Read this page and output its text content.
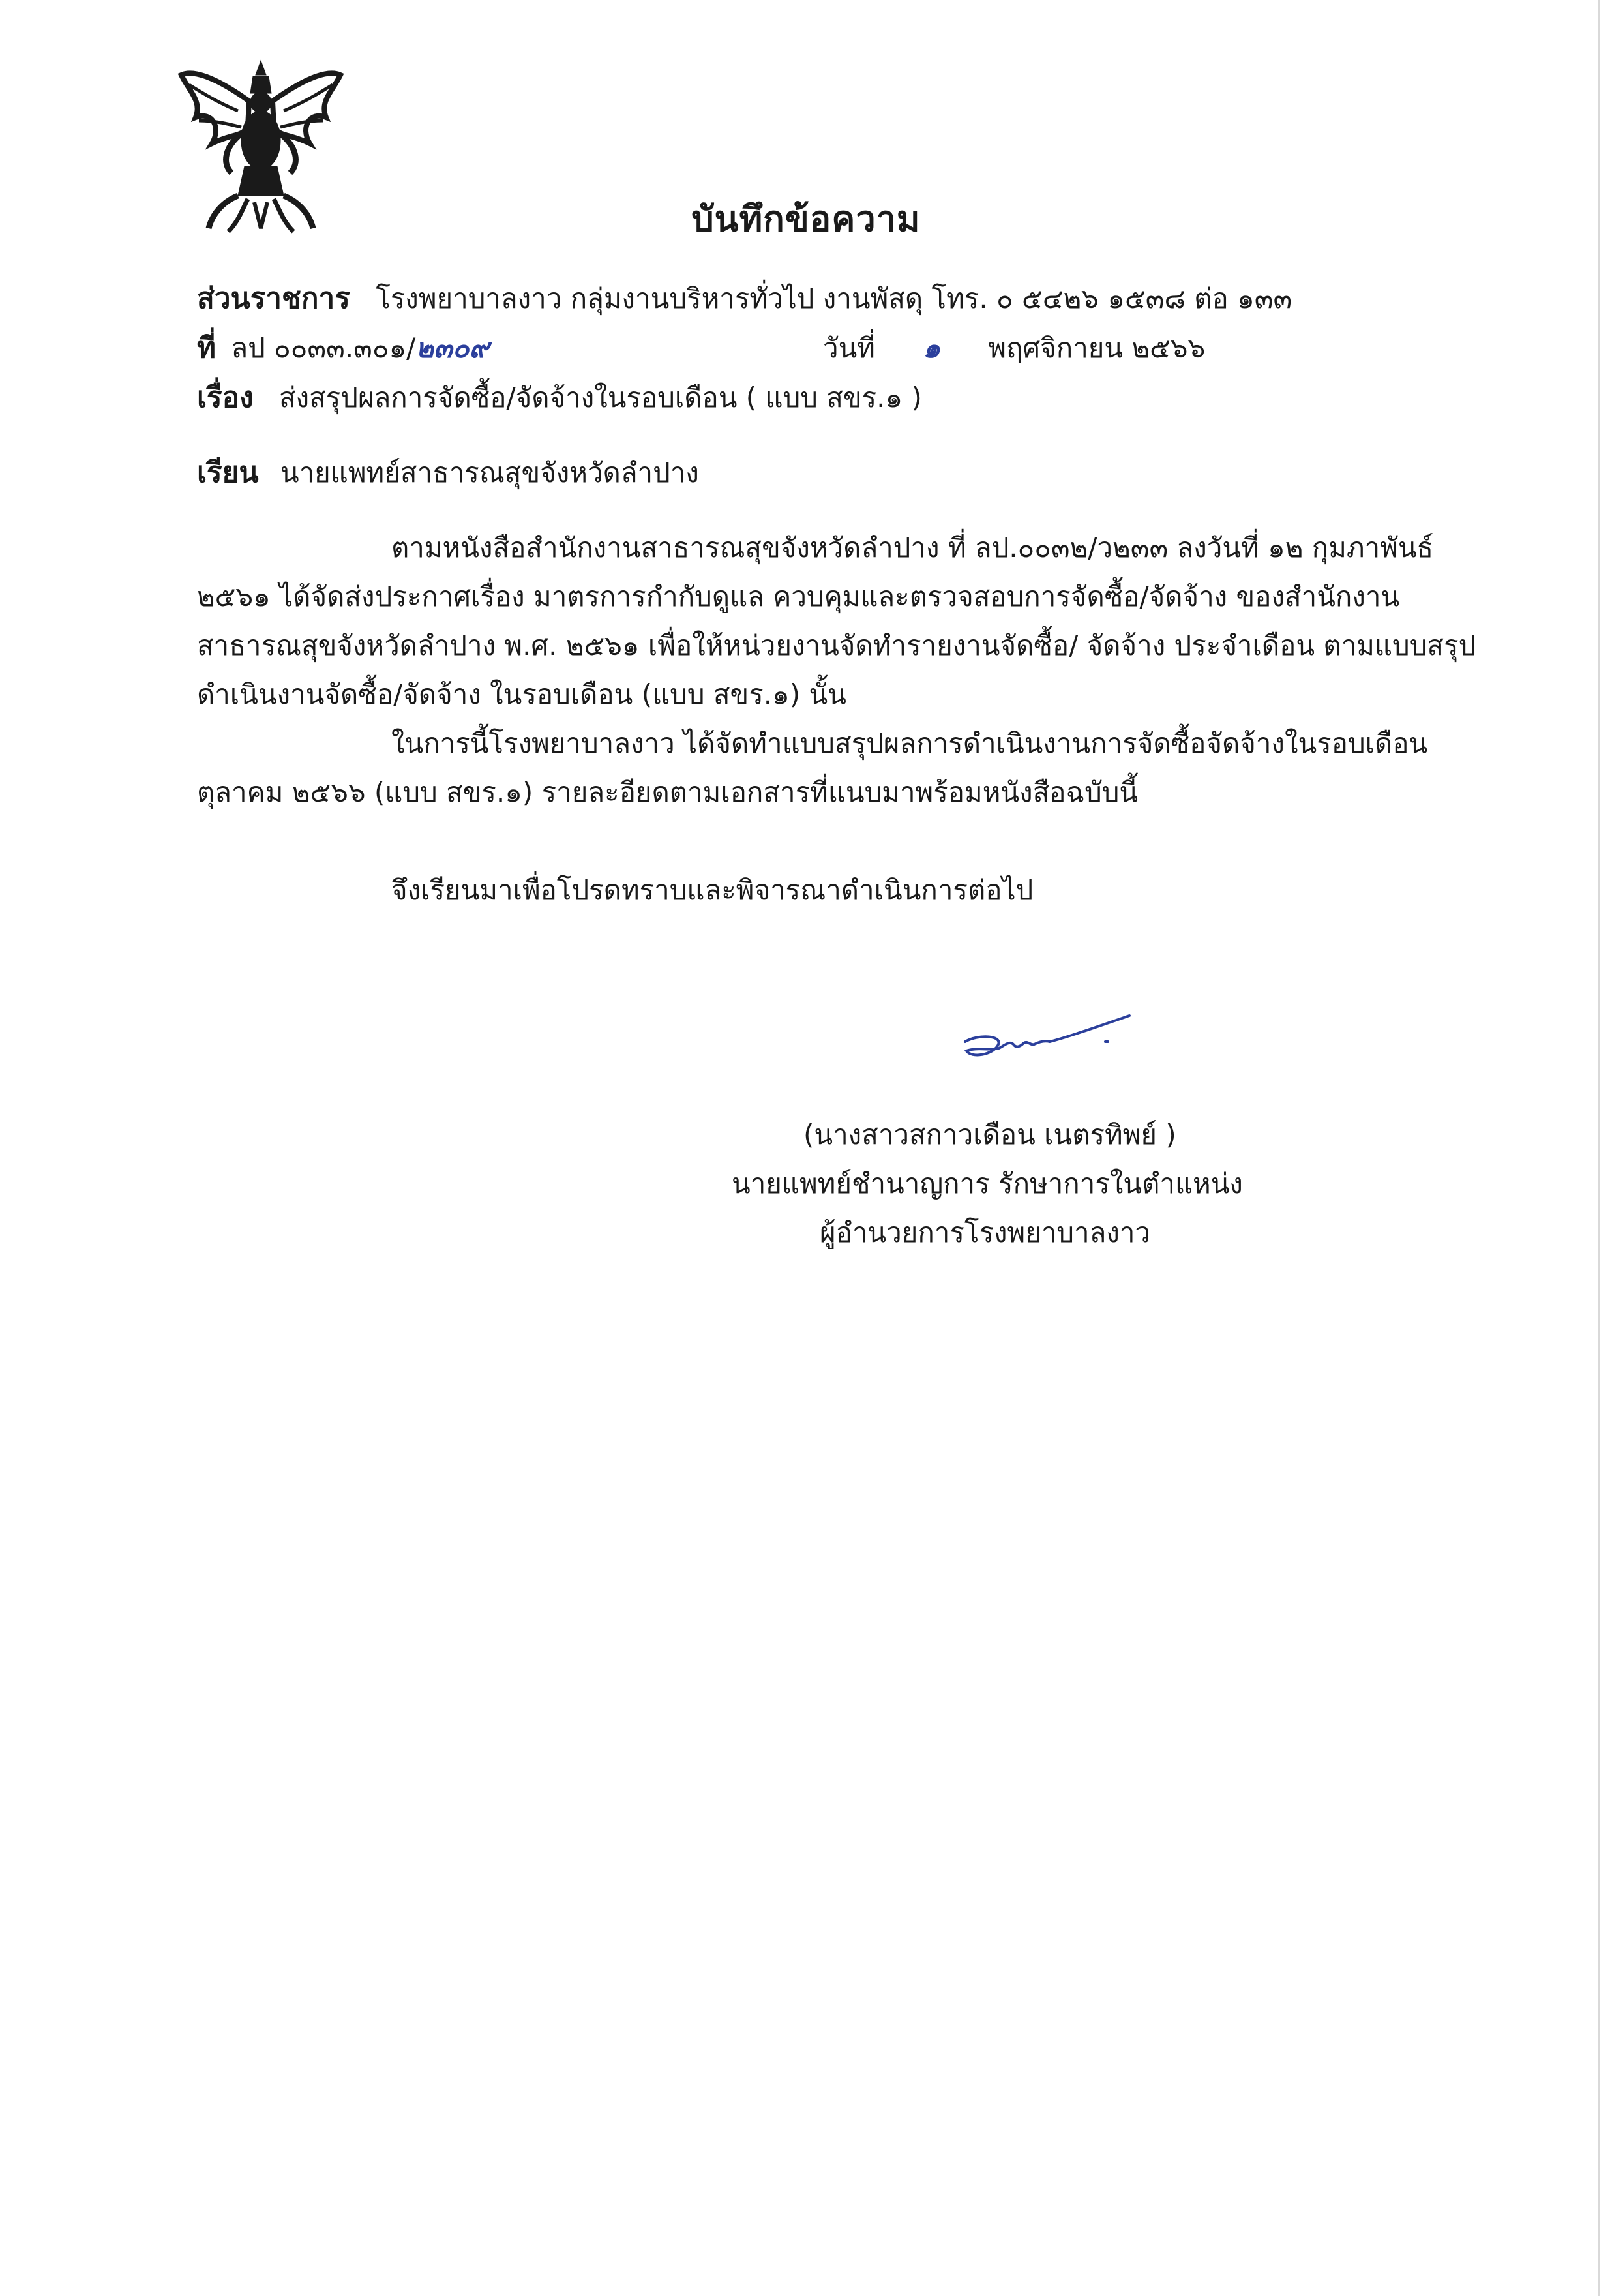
บันทึกข้อความ
ส่วนราชการ โรงพยาบาลงาว กลุ่มงานบริหารทั่วไป งานพัสดุ โทร. ๐ ๕๔๒๖ ๑๕๓๘ ต่อ ๑๓๓
ที่ ลป ๐๐๓๓.๓๐๑/๒๓๐๙	วันที่ ๑ พฤศจิกายน ๒๕๖๖
เรื่อง ส่งสรุปผลการจัดซื้อ/จัดจ้างในรอบเดือน ( แบบ สขร.๑ )
เรียน นายแพทย์สาธารณสุขจังหวัดลำปาง
ตามหนังสือสำนักงานสาธารณสุขจังหวัดลำปาง ที่ ลป.๐๐๓๒/ว๒๓๓ ลงวันที่ ๑๒ กุมภาพันธ์
๒๕๖๑ ได้จัดส่งประกาศเรื่อง มาตรการกำกับดูแล ควบคุมและตรวจสอบการจัดซื้อ/จัดจ้าง ของสำนักงาน
สาธารณสุขจังหวัดลำปาง พ.ศ. ๒๕๖๑ เพื่อให้หน่วยงานจัดทำรายงานจัดซื้อ/ จัดจ้าง ประจำเดือน ตามแบบสรุป
ดำเนินงานจัดซื้อ/จัดจ้าง ในรอบเดือน (แบบ สขร.๑) นั้น
ในการนี้โรงพยาบาลงาว ได้จัดทำแบบสรุปผลการดำเนินงานการจัดซื้อจัดจ้างในรอบเดือน
ตุลาคม ๒๕๖๖ (แบบ สขร.๑) รายละอียดตามเอกสารที่แนบมาพร้อมหนังสือฉบับนี้
จึงเรียนมาเพื่อโปรดทราบและพิจารณาดำเนินการต่อไป
(นางสาวสกาวเดือน เนตรทิพย์ )
นายแพทย์ชำนาญการ รักษาการในตำแหน่ง
ผู้อำนวยการโรงพยาบาลงาว
